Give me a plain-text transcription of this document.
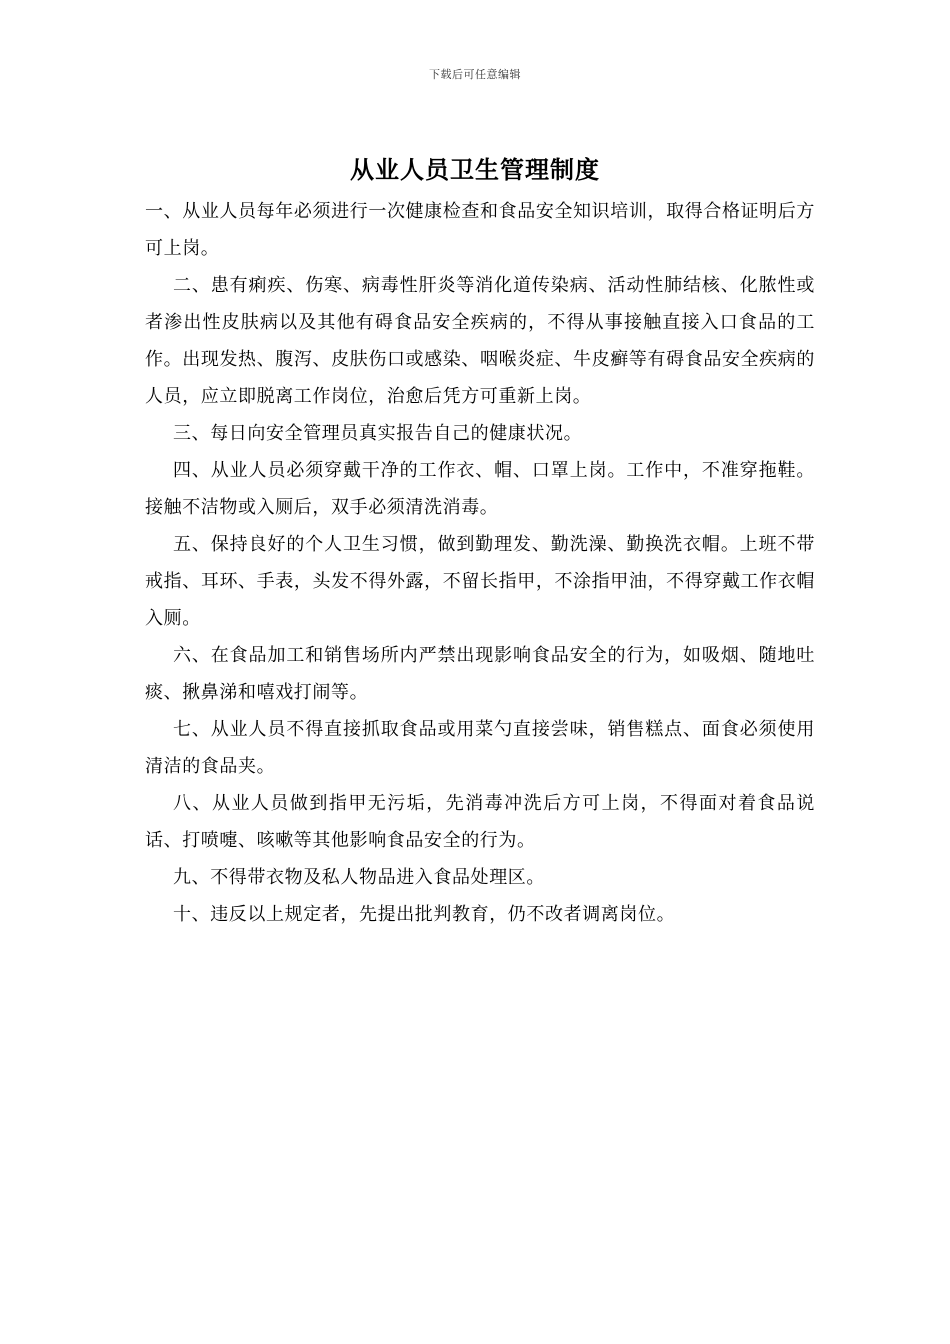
下载后可任意编辑
从业人员卫生管理制度

一、从业人员每年必须进行一次健康检查和食品安全知识培训，取得合格证明后方可上岗。

二、患有痢疾、伤寒、病毒性肝炎等消化道传染病、活动性肺结核、化脓性或者渗出性皮肤病以及其他有碍食品安全疾病的，不得从事接触直接入口食品的工作。出现发热、腹泻、皮肤伤口或感染、咽喉炎症、牛皮癣等有碍食品安全疾病的人员，应立即脱离工作岗位，治愈后凭方可重新上岗。

三、每日向安全管理员真实报告自己的健康状况。

四、从业人员必须穿戴干净的工作衣、帽、口罩上岗。工作中，不准穿拖鞋。接触不洁物或入厕后，双手必须清洗消毒。

五、保持良好的个人卫生习惯，做到勤理发、勤洗澡、勤换洗衣帽。上班不带戒指、耳环、手表，头发不得外露，不留长指甲，不涂指甲油，不得穿戴工作衣帽入厕。

六、在食品加工和销售场所内严禁出现影响食品安全的行为，如吸烟、随地吐痰、揪鼻涕和嘻戏打闹等。

七、从业人员不得直接抓取食品或用菜勺直接尝味，销售糕点、面食必须使用清洁的食品夹。

八、从业人员做到指甲无污垢，先消毒冲洗后方可上岗，不得面对着食品说话、打喷嚏、咳嗽等其他影响食品安全的行为。

九、不得带衣物及私人物品进入食品处理区。

十、违反以上规定者，先提出批判教育，仍不改者调离岗位。
